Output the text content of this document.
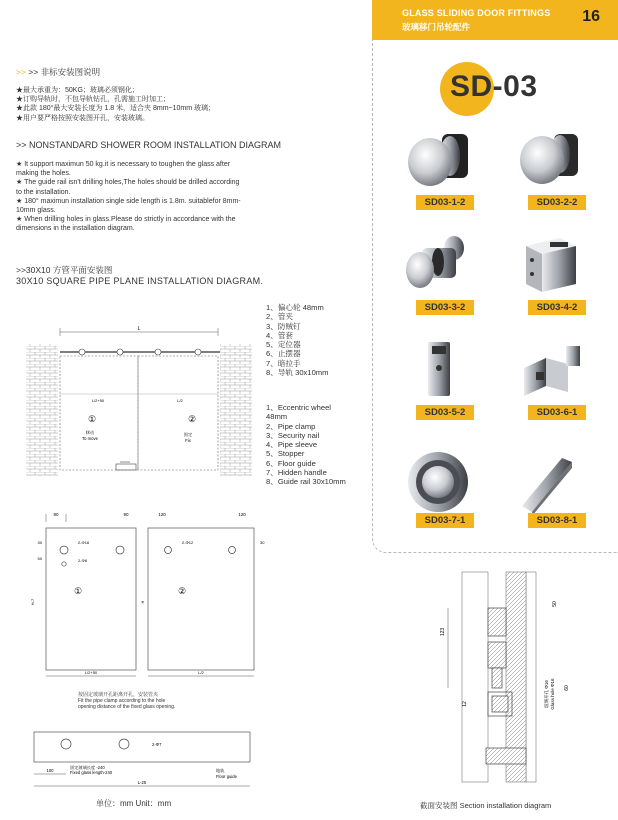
GLASS SLIDING DOOR FITTINGS
玻璃移门吊轮配件
16
SD-03
SD03-1-2	SD03-2-2
SD03-3-2	SD03-4-2
SD03-5-2	SD03-6-1
SD03-7-1	SD03-8-1
>> >> 非标安装图说明

★最大承重为：50KG；玻璃必须钢化；

★订购导轨时，不包导轨钻孔，孔需施工时加工；

★此款 180°最大安装长度为 1.8 米，适合夹 8mm~10mm 玻璃；

★用户要严格按照安装图开孔，安装玻璃。

>> NONSTANDARD SHOWER ROOM INSTALLATION DIAGRAM

★ It support maximun 50 kg.it is necessary to toughen the glass after

making the holes.

★ The guide rail isn't drilling holes,The holes should be drilled according

to the installation.

★ 180° maximun installation single side length is 1.8m. suitablefor 8mm-

10mm glass.

★ When drilling holes in glass.Please do strictly in accordance with the

dimensions in the installation diagram.

>>30X10 方管平面安装图
30X10 SQUARE PIPE PLANE INSTALLATION DIAGRAM.
1、偏心轮 48mm
2、管夹
3、防贼钉
4、管套
5、定位器
6、止摆器
7、暗拉手
8、导轨 30x10mm
1、Eccentric wheel
48mm
2、Pipe clamp
3、Security nail
4、Pipe sleeve
5、Stopper
6、Floor guide
7、Hidden handle
8、Guide rail 30x10mm
L
L/2+50	L/2
①	②
移动
To move
固定
Fix
90	90	120	120
2-Φ16
2-Φ8
2-Φ12
30
50
30
①	②
H-7	H
L/2+50	L/2
按固定玻璃开孔距离开孔，安装管夹
Fit the pipe clamp according to the hole
opening distance of the fixed glass opening.
2-Φ7
100
固定玻璃长度 -240
Fixed glass length-240	地轨
Floor guide
L-25
单位：mm Unit：mm
123
50
60
12	玻璃开孔 Φ16 Glass hole Φ16
截面安装图 Section installation diagram
